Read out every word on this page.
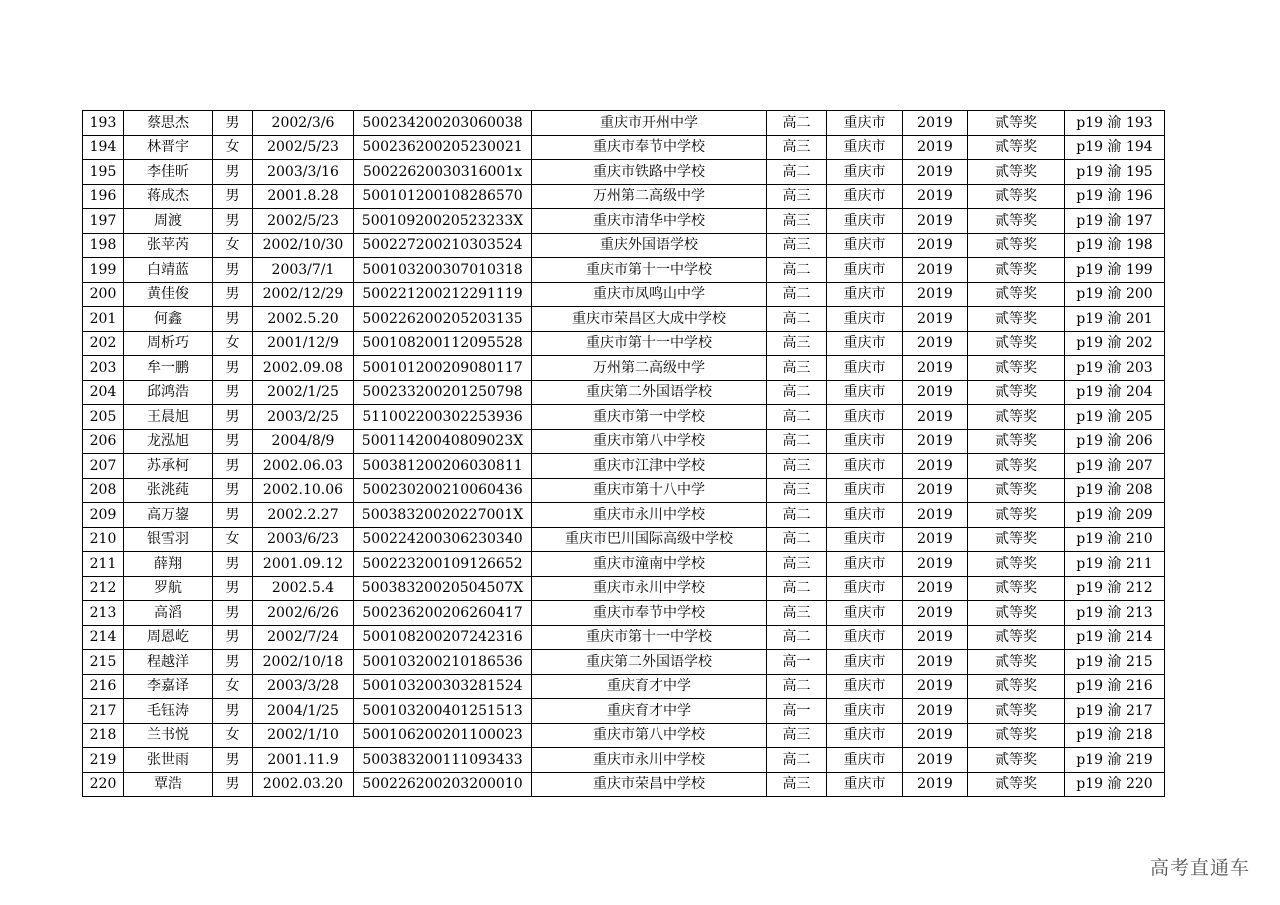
193	蔡思杰	男	2002/3/6	500234200203060038	重庆市开州中学	高二	重庆市	2019	贰等奖	p19 渝 193
194	林晋宇	女	2002/5/23	500236200205230021	重庆市奉节中学校	高三	重庆市	2019	贰等奖	p19 渝 194
195	李佳昕	男	2003/3/16	50022620030316001x	重庆市铁路中学校	高二	重庆市	2019	贰等奖	p19 渝 195
196	蒋成杰	男	2001.8.28	500101200108286570	万州第二高级中学	高三	重庆市	2019	贰等奖	p19 渝 196
197	周渡	男	2002/5/23	50010920020523233X	重庆市清华中学校	高三	重庆市	2019	贰等奖	p19 渝 197
198	张苹芮	女	2002/10/30	500227200210303524	重庆外国语学校	高三	重庆市	2019	贰等奖	p19 渝 198
199	白靖蓝	男	2003/7/1	500103200307010318	重庆市第十一中学校	高二	重庆市	2019	贰等奖	p19 渝 199
200	黄佳俊	男	2002/12/29	500221200212291119	重庆市凤鸣山中学	高二	重庆市	2019	贰等奖	p19 渝 200
201	何鑫	男	2002.5.20	500226200205203135	重庆市荣昌区大成中学校	高二	重庆市	2019	贰等奖	p19 渝 201
202	周析巧	女	2001/12/9	500108200112095528	重庆市第十一中学校	高三	重庆市	2019	贰等奖	p19 渝 202
203	牟一鹏	男	2002.09.08	500101200209080117	万州第二高级中学	高三	重庆市	2019	贰等奖	p19 渝 203
204	邱鸿浩	男	2002/1/25	500233200201250798	重庆第二外国语学校	高二	重庆市	2019	贰等奖	p19 渝 204
205	王晨旭	男	2003/2/25	511002200302253936	重庆市第一中学校	高二	重庆市	2019	贰等奖	p19 渝 205
206	龙泓旭	男	2004/8/9	50011420040809023X	重庆市第八中学校	高二	重庆市	2019	贰等奖	p19 渝 206
207	苏承柯	男	2002.06.03	500381200206030811	重庆市江津中学校	高三	重庆市	2019	贰等奖	p19 渝 207
208	张洮莼	男	2002.10.06	500230200210060436	重庆市第十八中学	高三	重庆市	2019	贰等奖	p19 渝 208
209	高万鋆	男	2002.2.27	50038320020227001X	重庆市永川中学校	高二	重庆市	2019	贰等奖	p19 渝 209
210	银雪羽	女	2003/6/23	500224200306230340	重庆市巴川国际高级中学校	高二	重庆市	2019	贰等奖	p19 渝 210
211	薛翔	男	2001.09.12	500223200109126652	重庆市潼南中学校	高三	重庆市	2019	贰等奖	p19 渝 211
212	罗航	男	2002.5.4	50038320020504507X	重庆市永川中学校	高二	重庆市	2019	贰等奖	p19 渝 212
213	高滔	男	2002/6/26	500236200206260417	重庆市奉节中学校	高三	重庆市	2019	贰等奖	p19 渝 213
214	周恩屹	男	2002/7/24	500108200207242316	重庆市第十一中学校	高二	重庆市	2019	贰等奖	p19 渝 214
215	程越洋	男	2002/10/18	500103200210186536	重庆第二外国语学校	高一	重庆市	2019	贰等奖	p19 渝 215
216	李嘉译	女	2003/3/28	500103200303281524	重庆育才中学	高二	重庆市	2019	贰等奖	p19 渝 216
217	毛钰涛	男	2004/1/25	500103200401251513	重庆育才中学	高一	重庆市	2019	贰等奖	p19 渝 217
218	兰书悦	女	2002/1/10	500106200201100023	重庆市第八中学校	高三	重庆市	2019	贰等奖	p19 渝 218
219	张世雨	男	2001.11.9	500383200111093433	重庆市永川中学校	高二	重庆市	2019	贰等奖	p19 渝 219
220	覃浩	男	2002.03.20	500226200203200010	重庆市荣昌中学校	高三	重庆市	2019	贰等奖	p19 渝 220
高考直通车
